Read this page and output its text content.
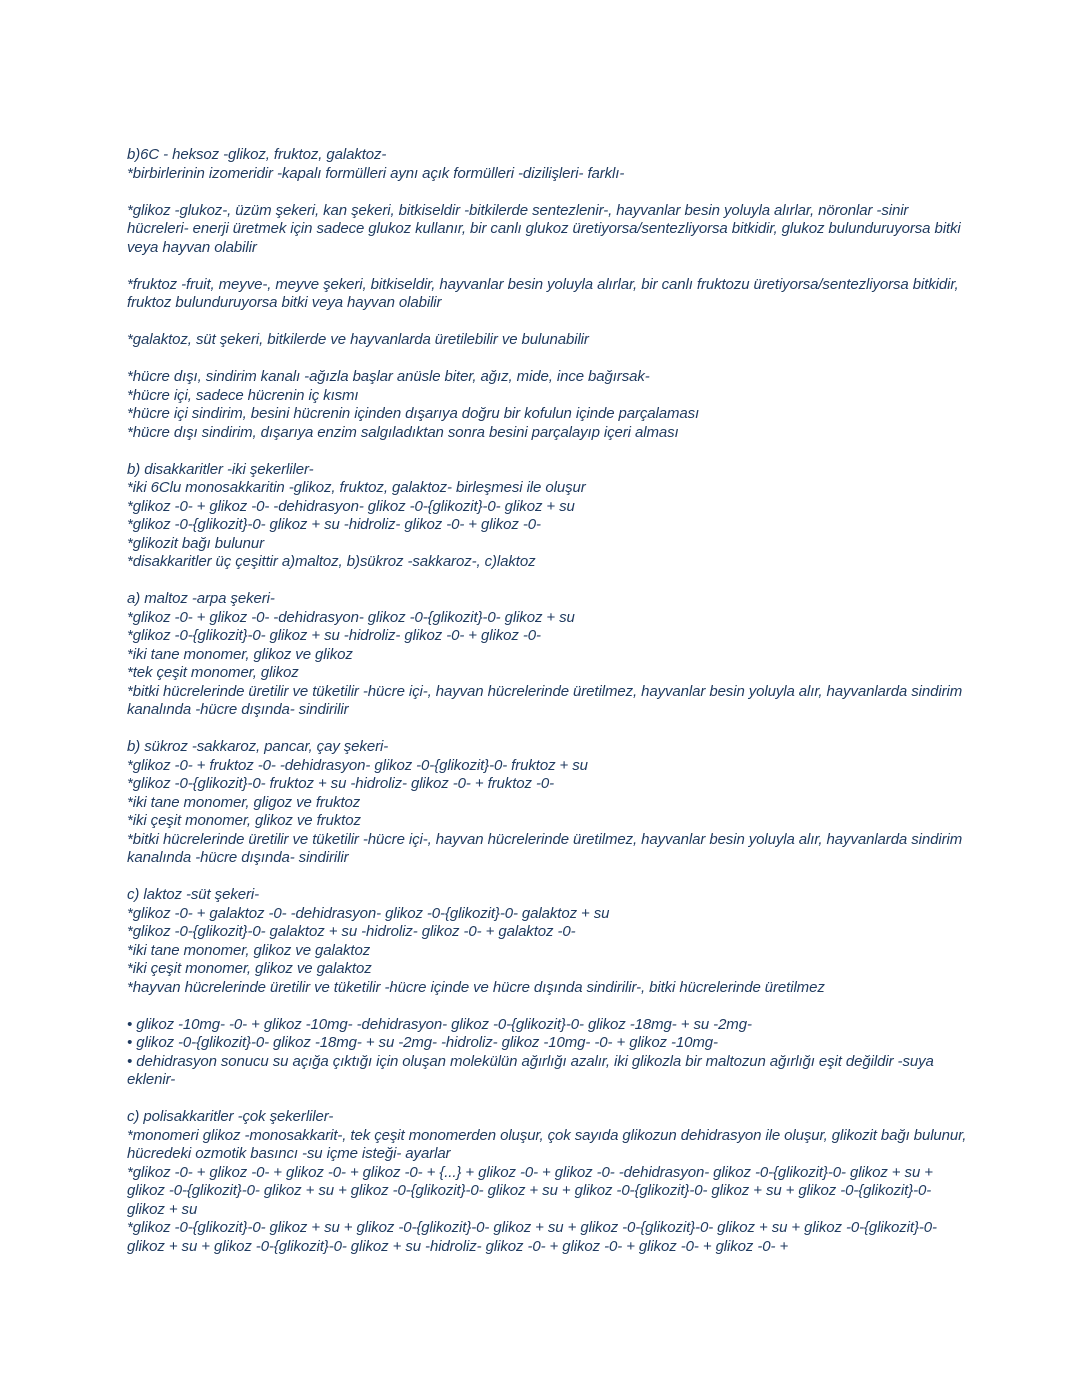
b)6C - heksoz -glikoz, fruktoz, galaktoz-
*birbirlerinin izomeridir -kapalı formülleri aynı açık formülleri -dizilişleri- farklı-
*glikoz -glukoz-, üzüm şekeri, kan şekeri, bitkiseldir -bitkilerde sentezlenir-, hayvanlar besin yoluyla alırlar, nöronlar -sinir hücreleri- enerji üretmek için sadece glukoz kullanır, bir canlı glukoz üretiyorsa/sentezliyorsa bitkidir, glukoz bulunduruyorsa bitki veya hayvan olabilir
*fruktoz -fruit, meyve-, meyve şekeri, bitkiseldir, hayvanlar besin yoluyla alırlar, bir canlı fruktozu üretiyorsa/sentezliyorsa bitkidir, fruktoz bulunduruyorsa bitki veya hayvan olabilir
*galaktoz, süt şekeri, bitkilerde ve hayvanlarda üretilebilir ve bulunabilir
*hücre dışı, sindirim kanalı -ağızla başlar anüsle biter, ağız, mide, ince bağırsak-
*hücre içi, sadece hücrenin iç kısmı
*hücre içi sindirim, besini hücrenin içinden dışarıya doğru bir kofulun içinde parçalaması
*hücre dışı sindirim, dışarıya enzim salgıladıktan sonra besini parçalayıp içeri alması
b) disakkaritler -iki şekerliler-
*iki 6Clu monosakkaritin -glikoz, fruktoz, galaktoz- birleşmesi ile oluşur
*glikoz -0- + glikoz -0- -dehidrasyon- glikoz -0-{glikozit}-0- glikoz + su
*glikoz -0-{glikozit}-0- glikoz + su -hidroliz- glikoz -0- + glikoz -0-
*glikozit bağı bulunur
*disakkaritler üç çeşittir a)maltoz, b)sükroz -sakkaroz-, c)laktoz
a) maltoz -arpa şekeri-
*glikoz -0- + glikoz -0- -dehidrasyon- glikoz -0-{glikozit}-0- glikoz + su
*glikoz -0-{glikozit}-0- glikoz + su -hidroliz- glikoz -0- + glikoz -0-
*iki tane monomer, glikoz ve glikoz
*tek çeşit monomer, glikoz
*bitki hücrelerinde üretilir ve tüketilir -hücre içi-, hayvan hücrelerinde üretilmez, hayvanlar besin yoluyla alır, hayvanlarda sindirim kanalında -hücre dışında- sindirilir
b) sükroz -sakkaroz, pancar, çay şekeri-
*glikoz -0- + fruktoz -0- -dehidrasyon- glikoz -0-{glikozit}-0- fruktoz + su
*glikoz -0-{glikozit}-0- fruktoz + su -hidroliz- glikoz -0- + fruktoz -0-
*iki tane monomer, gligoz ve fruktoz
*iki çeşit monomer, glikoz ve fruktoz
*bitki hücrelerinde üretilir ve tüketilir -hücre içi-, hayvan hücrelerinde üretilmez, hayvanlar besin yoluyla alır, hayvanlarda sindirim kanalında -hücre dışında- sindirilir
c) laktoz -süt şekeri-
*glikoz -0- + galaktoz -0- -dehidrasyon- glikoz -0-{glikozit}-0- galaktoz + su
*glikoz -0-{glikozit}-0- galaktoz + su -hidroliz- glikoz -0- + galaktoz -0-
*iki tane monomer, glikoz ve galaktoz
*iki çeşit monomer, glikoz ve galaktoz
*hayvan hücrelerinde üretilir ve tüketilir -hücre içinde ve hücre dışında sindirilir-, bitki hücrelerinde üretilmez
• glikoz -10mg- -0- + glikoz -10mg- -dehidrasyon- glikoz -0-{glikozit}-0- glikoz -18mg- + su -2mg-
• glikoz -0-{glikozit}-0- glikoz -18mg- + su -2mg- -hidroliz- glikoz -10mg- -0- + glikoz -10mg-
• dehidrasyon sonucu su açığa çıktığı için oluşan molekülün ağırlığı azalır, iki glikozla bir maltozun ağırlığı eşit değildir -suya eklenir-
c) polisakkaritler -çok şekerliler-
*monomeri glikoz -monosakkarit-, tek çeşit monomerden oluşur, çok sayıda glikozun dehidrasyon ile oluşur, glikozit bağı bulunur, hücredeki ozmotik basıncı -su içme isteği- ayarlar
*glikoz -0- + glikoz -0- + glikoz -0- + glikoz -0- + {...} + glikoz -0- + glikoz -0- -dehidrasyon- glikoz -0-{glikozit}-0- glikoz + su + glikoz -0-{glikozit}-0- glikoz + su + glikoz -0-{glikozit}-0- glikoz + su + glikoz -0-{glikozit}-0- glikoz + su + glikoz -0-{glikozit}-0- glikoz + su
*glikoz -0-{glikozit}-0- glikoz + su + glikoz -0-{glikozit}-0- glikoz + su + glikoz -0-{glikozit}-0- glikoz + su + glikoz -0-{glikozit}-0- glikoz + su + glikoz -0-{glikozit}-0- glikoz + su -hidroliz- glikoz -0- + glikoz -0- + glikoz -0- + glikoz -0- +
